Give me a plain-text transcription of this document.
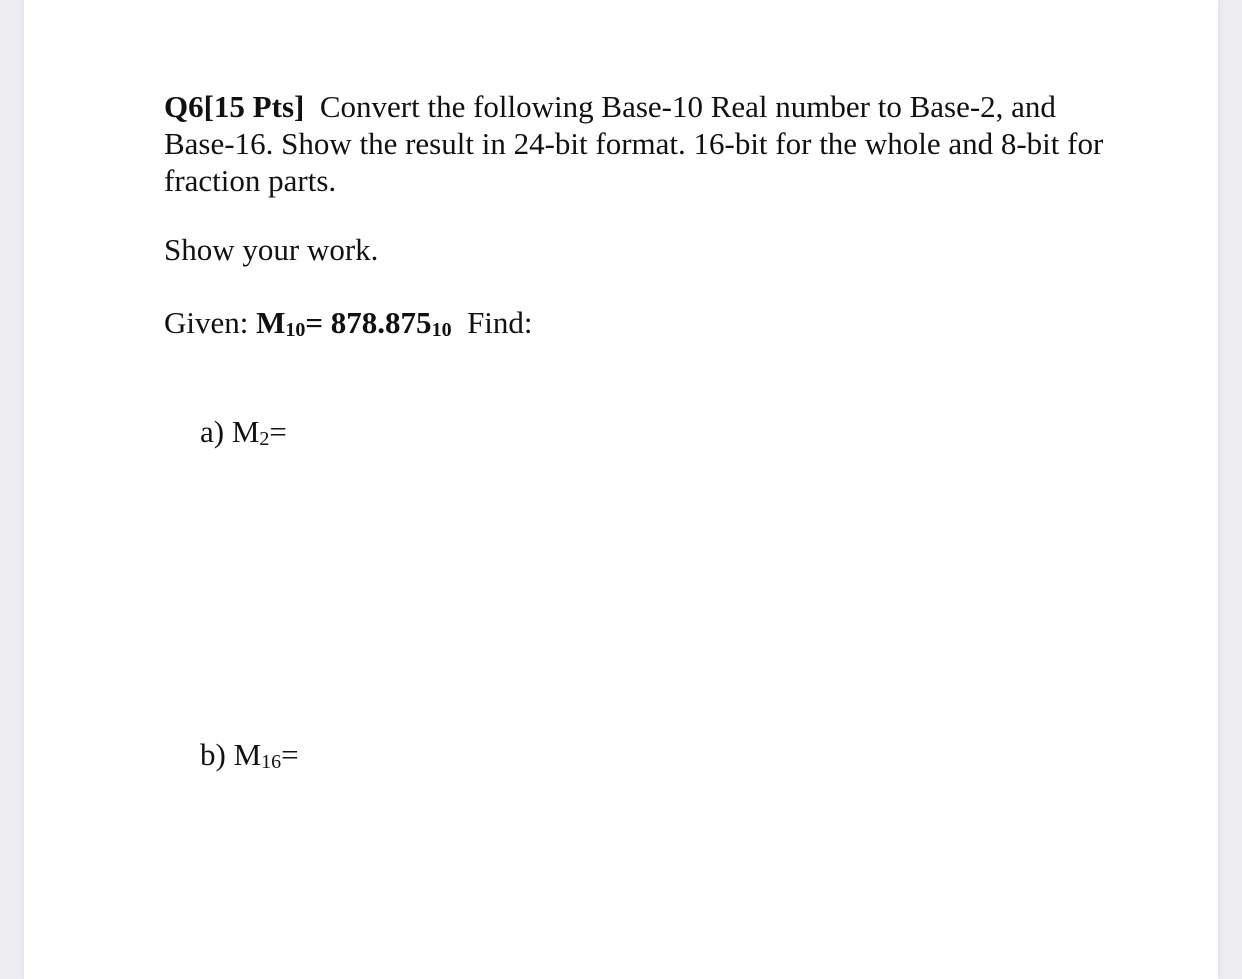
Q6[15 Pts] Convert the following Base-10 Real number to Base-2, and Base-16. Show the result in 24-bit format. 16-bit for the whole and 8-bit for fraction parts.

Show your work.

Given: M10= 878.87510 Find:

a) M2=

b) M16=
